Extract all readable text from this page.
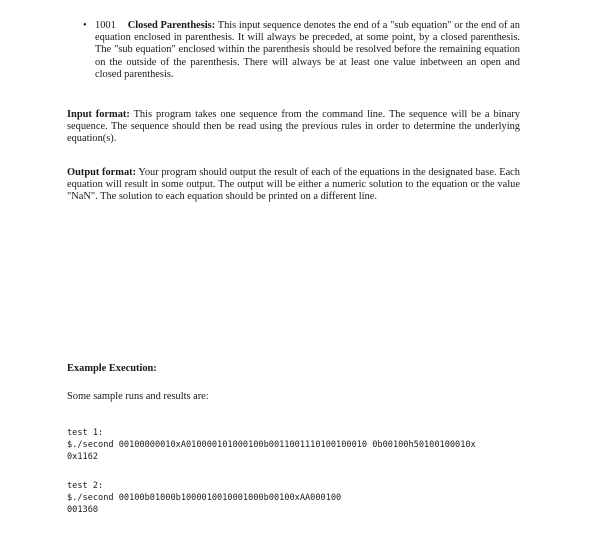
• 1001 Closed Parenthesis: This input sequence denotes the end of a "sub equation" or the end of an equation enclosed in parenthesis. It will always be preceded, at some point, by a closed parenthesis. The "sub equation" enclosed within the parenthesis should be resolved before the remaining equation on the outside of the parenthesis. There will always be at least one value inbetween an open and closed parenthesis.
Input format: This program takes one sequence from the command line. The sequence will be a binary sequence. The sequence should then be read using the previous rules in order to determine the underlying equation(s).
Output format: Your program should output the result of each of the equations in the designated base. Each equation will result in some output. The output will be either a numeric solution to the equation or the value "NaN". The solution to each equation should be printed on a different line.
Example Execution:
Some sample runs and results are:
test 1:
$./second 00100000010xA010000101000100b0011001110100100010 0b00100h50100100010x
0x1162
test 2:
$./second 00100b01000b1000010010001000b00100xAA000100
001360
